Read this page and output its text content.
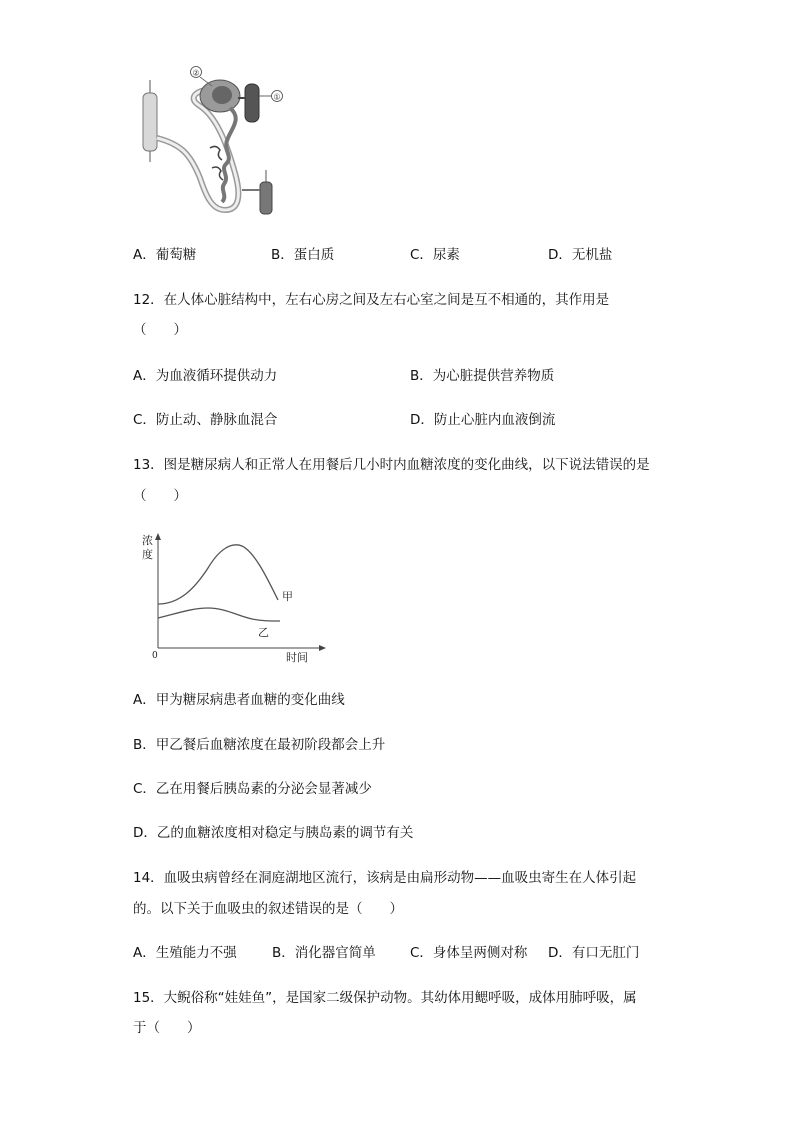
①
②
A．葡萄糖	B．蛋白质	C．尿素	D．无机盐
12．在人体心脏结构中，左右心房之间及左右心室之间是互不相通的，其作用是
（　　）
A．为血液循环提供动力	B．为心脏提供营养物质
C．防止动、静脉血混合	D．防止心脏内血液倒流
13．图是糖尿病人和正常人在用餐后几小时内血糖浓度的变化曲线，以下说法错误的是
（　　）
浓
度
0	时间
甲
乙
A．甲为糖尿病患者血糖的变化曲线
B．甲乙餐后血糖浓度在最初阶段都会上升
C．乙在用餐后胰岛素的分泌会显著减少
D．乙的血糖浓度相对稳定与胰岛素的调节有关
14．血吸虫病曾经在洞庭湖地区流行，该病是由扁形动物——血吸虫寄生在人体引起
的。以下关于血吸虫的叙述错误的是（　　）
A．生殖能力不强	B．消化器官简单	C．身体呈两侧对称 D．有口无肛门
15．大鲵俗称“娃娃鱼”，是国家二级保护动物。其幼体用鳃呼吸，成体用肺呼吸，属
于（　　）
